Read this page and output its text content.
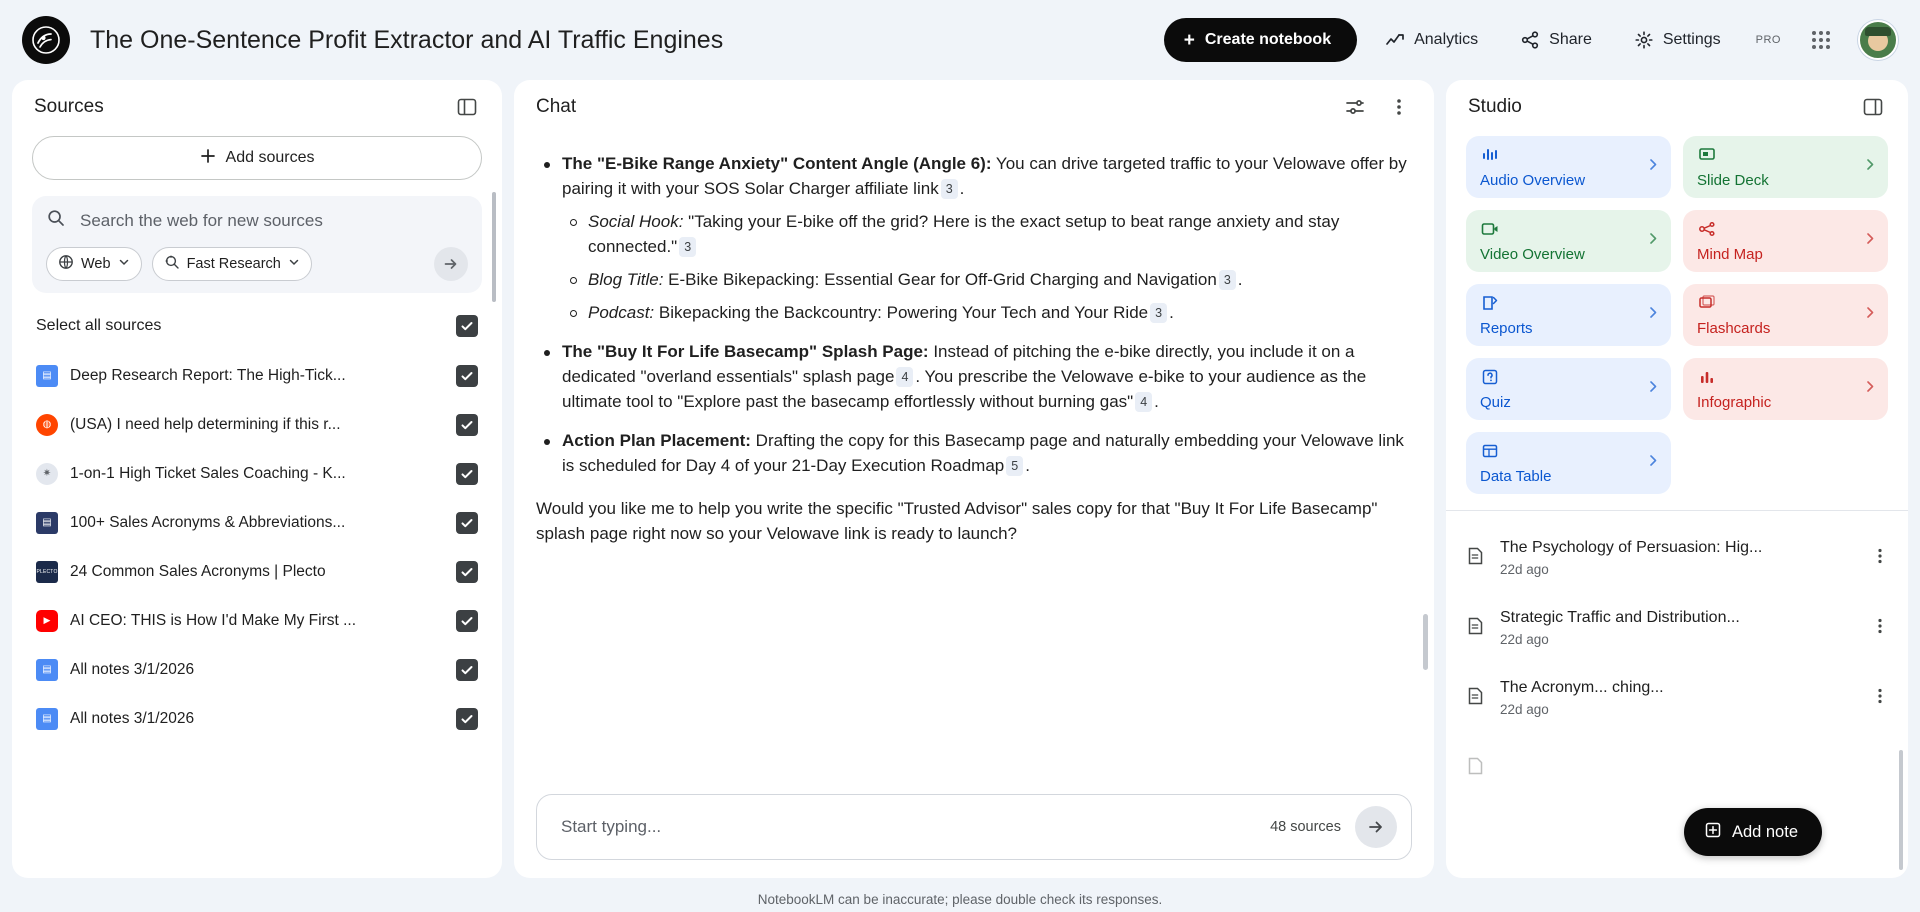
The One-Sentence Profit Extractor and AI Traffic Engines	+ Create notebook	Analytics	Share	Settings	PRO
Sources
Add sources
Search the web for new sources
Web	Fast Research
Select all sources
▤	Deep Research Report: The High-Tick...
◍	(USA) I need help determining if this r...
✷	1-on-1 High Ticket Sales Coaching - K...
▤	100+ Sales Acronyms & Abbreviations...
PLECTO 24 Common Sales Acronyms | Plecto
▶	AI CEO: THIS is How I'd Make My First ...
▤	All notes 3/1/2026
▤	All notes 3/1/2026
Chat

The "E-Bike Range Anxiety" Content Angle (Angle 6): You can drive targeted traffic to your Velowave offer by pairing it with your SOS Solar Charger affiliate link 3 .
Social Hook: "Taking your E-bike off the grid? Here is the exact setup to beat range anxiety and stay connected." 3
Blog Title: E-Bike Bikepacking: Essential Gear for Off-Grid Charging and Navigation 3 .
Podcast: Bikepacking the Backcountry: Powering Your Tech and Your Ride 3 .
The "Buy It For Life Basecamp" Splash Page: Instead of pitching the e-bike directly, you include it on a dedicated "overland essentials" splash page 4 . You prescribe the Velowave e-bike to your audience as the ultimate tool to "Explore past the basecamp effortlessly without burning gas" 4 .
Action Plan Placement: Drafting the copy for this Basecamp page and naturally embedding your Velowave link is scheduled for Day 4 of your 21-Day Execution Roadmap 5 .
Would you like me to help you write the specific "Trusted Advisor" sales copy for that "Buy It For Life Basecamp" splash page right now so your Velowave link is ready to launch?
Start typing...
48 sources
Studio
Audio Overview	Slide Deck
Video Overview	Mind Map
Reports	Flashcards
Quiz	Infographic
Data Table
The Psychology of Persuasion: Hig...
22d ago
Strategic Traffic and Distribution...
22d ago
The Acronym... ching...
22d ago

Add note
NotebookLM can be inaccurate; please double check its responses.
